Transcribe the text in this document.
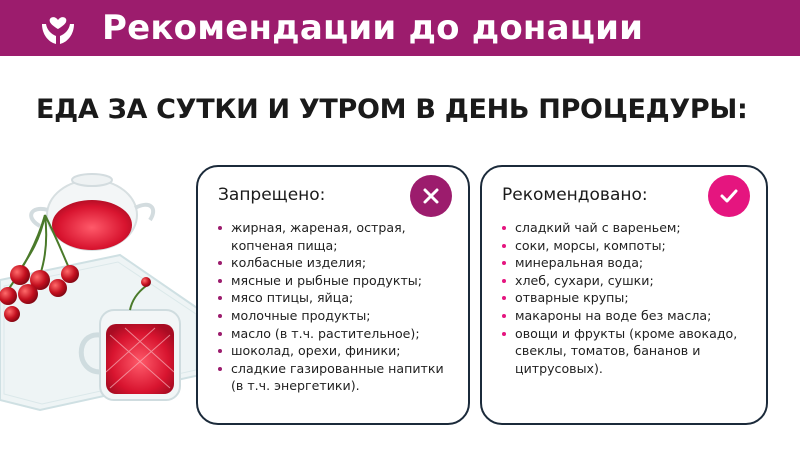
Рекомендации до донации
ЕДА ЗА СУТКИ И УТРОМ В ДЕНЬ ПРОЦЕДУРЫ:
Запрещено:
жирная, жареная, острая, копченая пища;
колбасные изделия;
мясные и рыбные продукты;
мясо птицы, яйца;
молочные продукты;
масло (в т.ч. растительное);
шоколад, орехи, финики;
сладкие газированные напитки (в т.ч. энергетики).
Рекомендовано:
сладкий чай с вареньем;
соки, морсы, компоты;
минеральная вода;
хлеб, сухари, сушки;
отварные крупы;
макароны на воде без масла;
овощи и фрукты (кроме авокадо, свеклы, томатов, бананов и цитрусовых).
